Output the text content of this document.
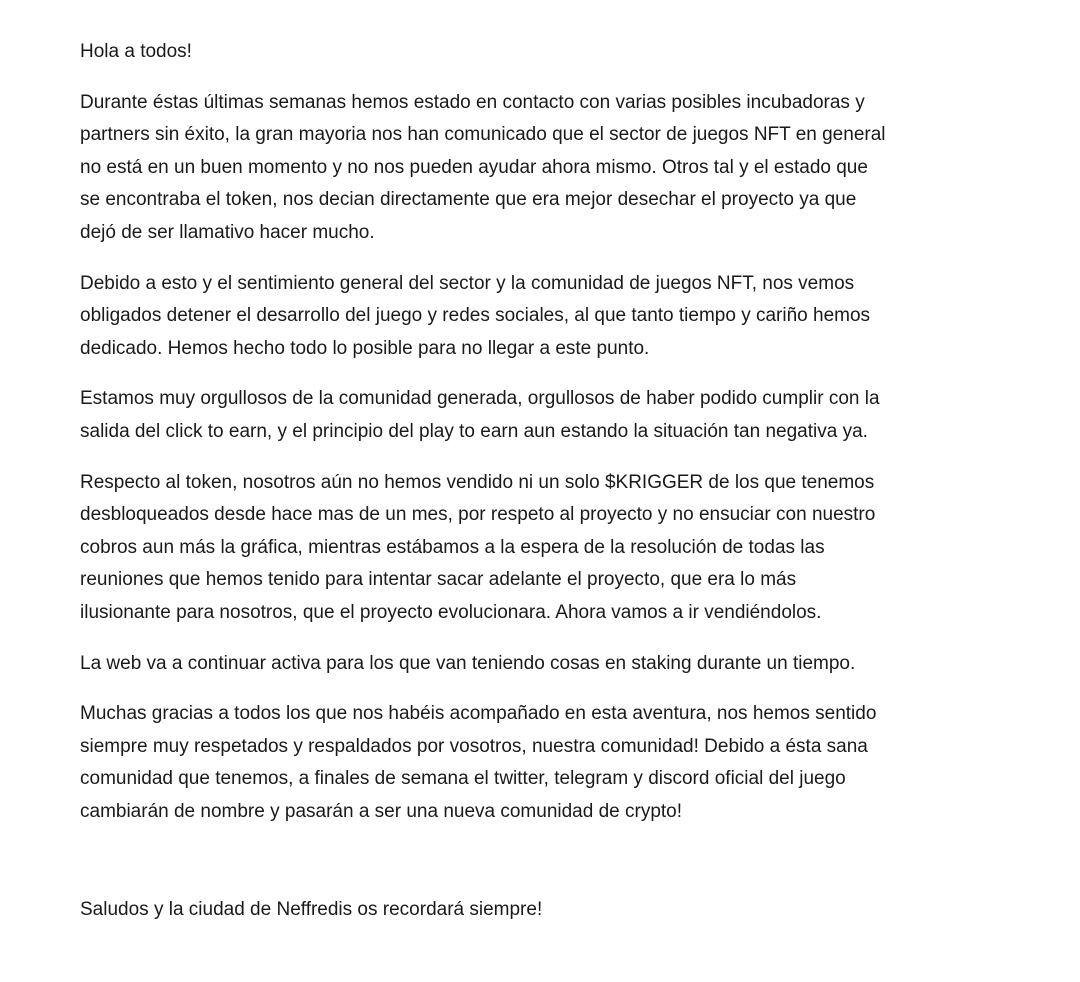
Hola a todos!

Durante éstas últimas semanas hemos estado en contacto con varias posibles incubadoras y
partners sin éxito, la gran mayoria nos han comunicado que el sector de juegos NFT en general
no está en un buen momento y no nos pueden ayudar ahora mismo. Otros tal y el estado que
se encontraba el token, nos decian directamente que era mejor desechar el proyecto ya que
dejó de ser llamativo hacer mucho.

Debido a esto y el sentimiento general del sector y la comunidad de juegos NFT, nos vemos
obligados detener el desarrollo del juego y redes sociales, al que tanto tiempo y cariño hemos
dedicado. Hemos hecho todo lo posible para no llegar a este punto.

Estamos muy orgullosos de la comunidad generada, orgullosos de haber podido cumplir con la
salida del click to earn, y el principio del play to earn aun estando la situación tan negativa ya.

Respecto al token, nosotros aún no hemos vendido ni un solo $KRIGGER de los que tenemos
desbloqueados desde hace mas de un mes, por respeto al proyecto y no ensuciar con nuestro
cobros aun más la gráfica, mientras estábamos a la espera de la resolución de todas las
reuniones que hemos tenido para intentar sacar adelante el proyecto, que era lo más
ilusionante para nosotros, que el proyecto evolucionara. Ahora vamos a ir vendiéndolos.

La web va a continuar activa para los que van teniendo cosas en staking durante un tiempo.

Muchas gracias a todos los que nos habéis acompañado en esta aventura, nos hemos sentido
siempre muy respetados y respaldados por vosotros, nuestra comunidad! Debido a ésta sana
comunidad que tenemos, a finales de semana el twitter, telegram y discord oficial del juego
cambiarán de nombre y pasarán a ser una nueva comunidad de crypto!

Saludos y la ciudad de Neffredis os recordará siempre!
